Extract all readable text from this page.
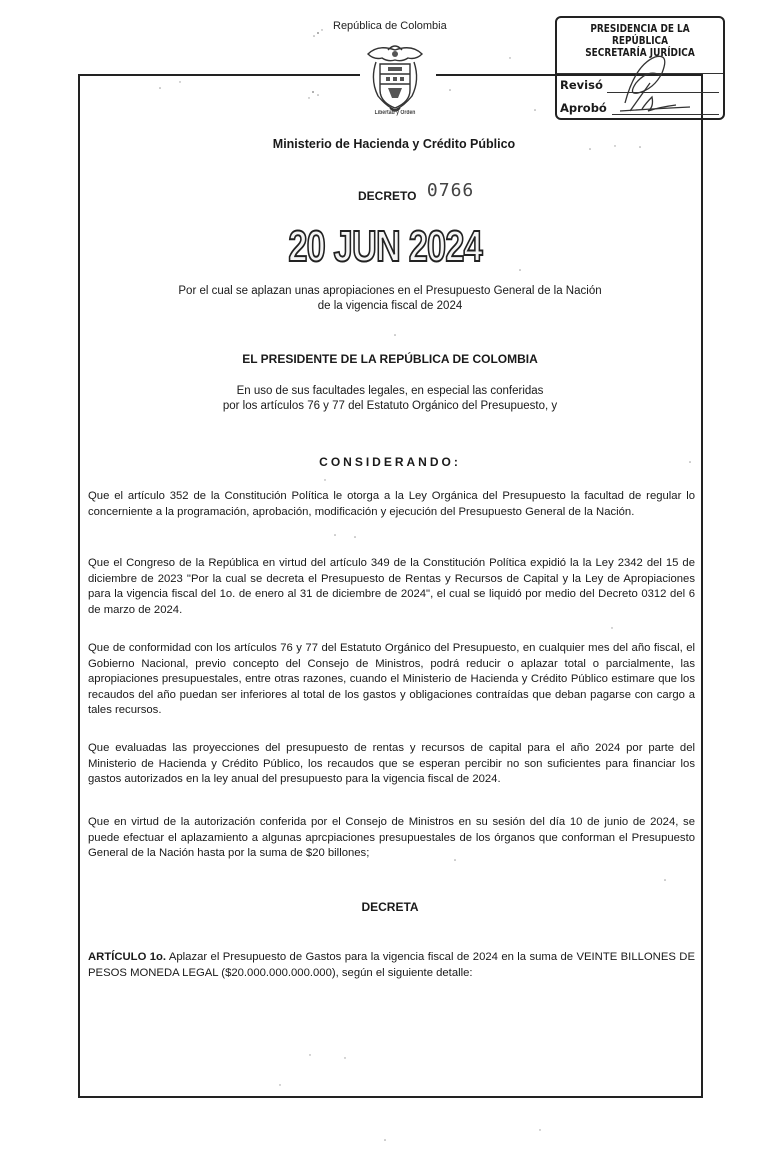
República de Colombia
Libertad y Orden
Ministerio de Hacienda y Crédito Público
PRESIDENCIA DE LA REPÚBLICA
SECRETARÍA JURÍDICA
Revisó
Aprobó
DECRETO 0766
20 JUN 2024
Por el cual se aplazan unas apropiaciones en el Presupuesto General de la Nación
de la vigencia fiscal de 2024
EL PRESIDENTE DE LA REPÚBLICA DE COLOMBIA
En uso de sus facultades legales, en especial las conferidas
por los artículos 76 y 77 del Estatuto Orgánico del Presupuesto, y
CONSIDERANDO:
Que el artículo 352 de la Constitución Política le otorga a la Ley Orgánica del Presupuesto la facultad de regular lo concerniente a la programación, aprobación, modificación y ejecución del Presupuesto General de la Nación.
Que el Congreso de la República en virtud del artículo 349 de la Constitución Política expidió la la Ley 2342 del 15 de diciembre de 2023 "Por la cual se decreta el Presupuesto de Rentas y Recursos de Capital y la Ley de Apropiaciones para la vigencia fiscal del 1o. de enero al 31 de diciembre de 2024", el cual se liquidó por medio del Decreto 0312 del 6 de marzo de 2024.
Que de conformidad con los artículos 76 y 77 del Estatuto Orgánico del Presupuesto, en cualquier mes del año fiscal, el Gobierno Nacional, previo concepto del Consejo de Ministros, podrá reducir o aplazar total o parcialmente, las apropiaciones presupuestales, entre otras razones, cuando el Ministerio de Hacienda y Crédito Público estimare que los recaudos del año puedan ser inferiores al total de los gastos y obligaciones contraídas que deban pagarse con cargo a tales recursos.
Que evaluadas las proyecciones del presupuesto de rentas y recursos de capital para el año 2024 por parte del Ministerio de Hacienda y Crédito Público, los recaudos que se esperan percibir no son suficientes para financiar los gastos autorizados en la ley anual del presupuesto para la vigencia fiscal de 2024.
Que en virtud de la autorización conferida por el Consejo de Ministros en su sesión del día 10 de junio de 2024, se puede efectuar el aplazamiento a algunas aprcpiaciones presupuestales de los órganos que conforman el Presupuesto General de la Nación hasta por la suma de $20 billones;
DECRETA
ARTÍCULO 1o. Aplazar el Presupuesto de Gastos para la vigencia fiscal de 2024 en la suma de VEINTE BILLONES DE PESOS MONEDA LEGAL ($20.000.000.000.000), según el siguiente detalle:
